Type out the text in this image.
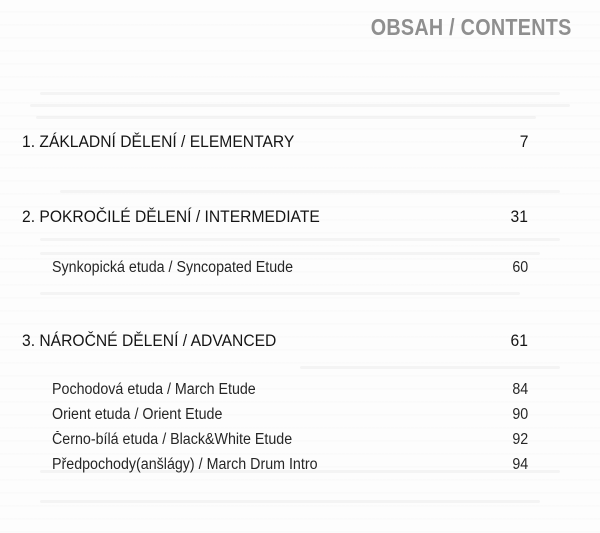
OBSAH / CONTENTS
1. ZÁKLADNÍ DĚLENÍ / ELEMENTARY	7
2. POKROČILÉ DĚLENÍ / INTERMEDIATE	31
Synkopická etuda / Syncopated Etude	60
3. NÁROČNÉ DĚLENÍ / ADVANCED	61
Pochodová etuda / March Etude	84
Orient etuda / Orient Etude	90
Černo-bílá etuda / Black&White Etude	92
Předpochody(anšlágy) / March Drum Intro	94
